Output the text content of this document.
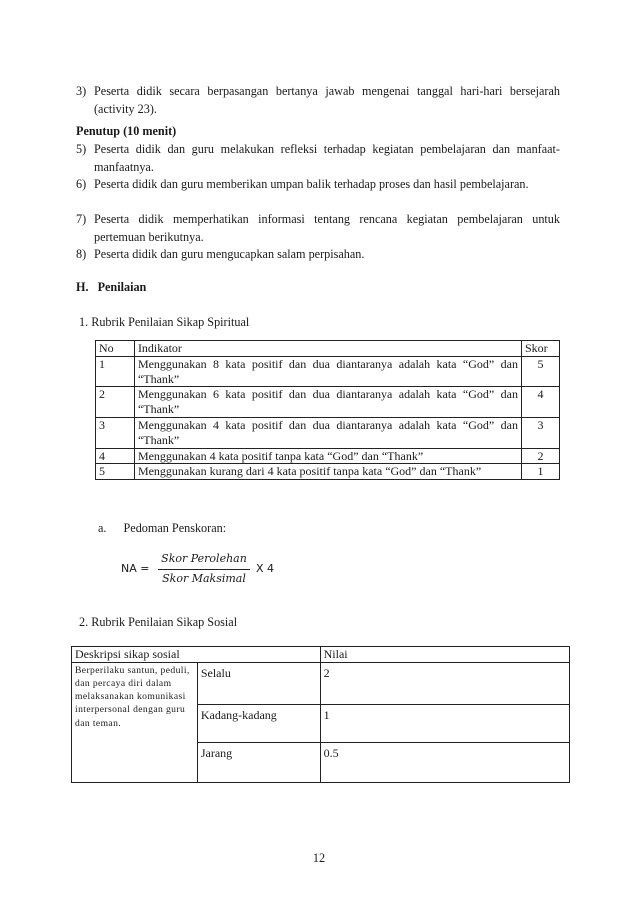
3) Peserta didik secara berpasangan bertanya jawab mengenai tanggal hari-hari bersejarah (activity 23).
Penutup (10 menit)
5) Peserta didik dan guru melakukan refleksi terhadap kegiatan pembelajaran dan manfaat-manfaatnya.
6) Peserta didik dan guru memberikan umpan balik terhadap proses dan hasil pembelajaran.
7) Peserta didik memperhatikan informasi tentang rencana kegiatan pembelajaran untuk pertemuan berikutnya.
8) Peserta didik dan guru mengucapkan salam perpisahan.
H. Penilaian
1. Rubrik Penilaian Sikap Spiritual
No	Indikator	Skor
1	Menggunakan 8 kata positif dan dua diantaranya adalah kata “God” dan “Thank”	5
2	Menggunakan 6 kata positif dan dua diantaranya adalah kata “God” dan “Thank”	4
3	Menggunakan 4 kata positif dan dua diantaranya adalah kata “God” dan “Thank”	3
4	Menggunakan 4 kata positif tanpa kata “God” dan “Thank”	2
5	Menggunakan kurang dari 4 kata positif tanpa kata “God” dan “Thank”	1
a. Pedoman Penskoran:
NA =
Skor Perolehan
Skor Maksimal
X 4
2. Rubrik Penilaian Sikap Sosial
Deskripsi sikap sosial		Nilai
Berperilaku santun, peduli, dan percaya diri dalam melaksanakan komunikasi interpersonal dengan guru dan teman.	Selalu	2
	Kadang-kadang	1
	Jarang	0.5
12
